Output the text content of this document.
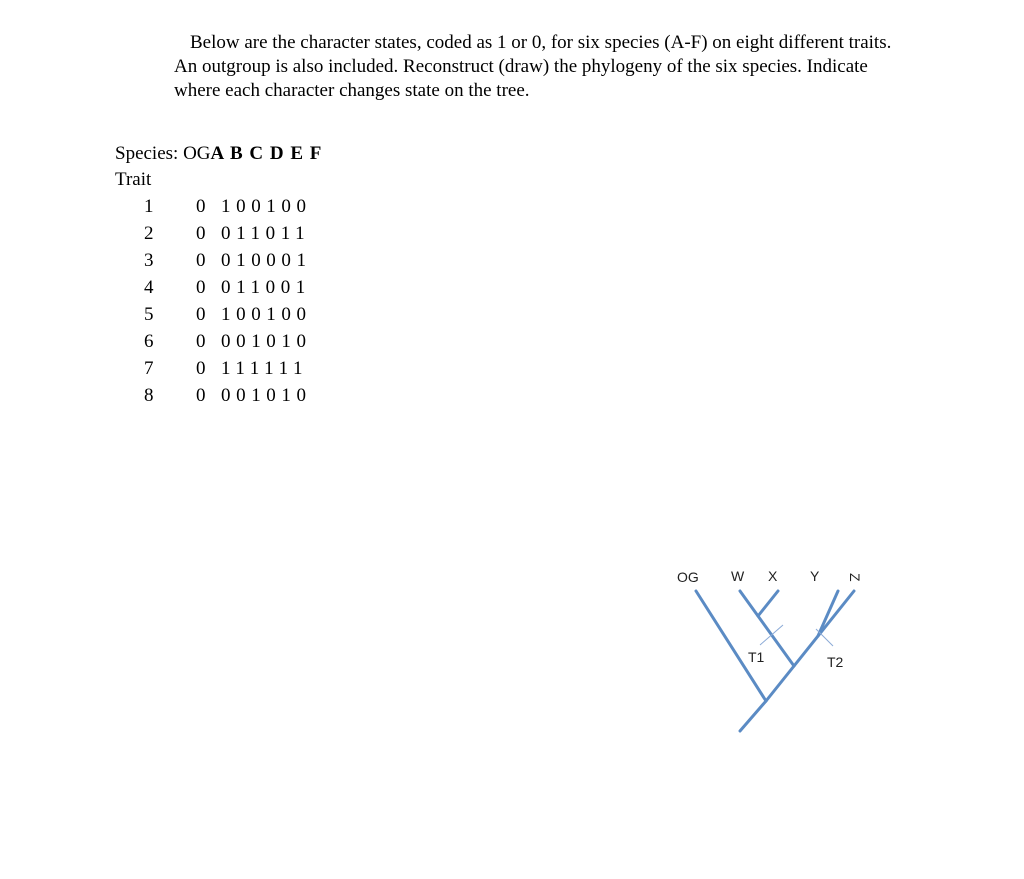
Below are the character states, coded as 1 or 0, for six species (A-F) on eight different traits. An outgroup is also included. Reconstruct (draw) the phylogeny of the six species. Indicate where each character changes state on the tree.
Species: OGA B C D E F
Trait
1 0 100100
2 0 011011
3 0 010001
4 0 011001
5 0 100100
6 0 001010
7 0 111111
8 0 001010
OG W X Y Z
T1	T2
